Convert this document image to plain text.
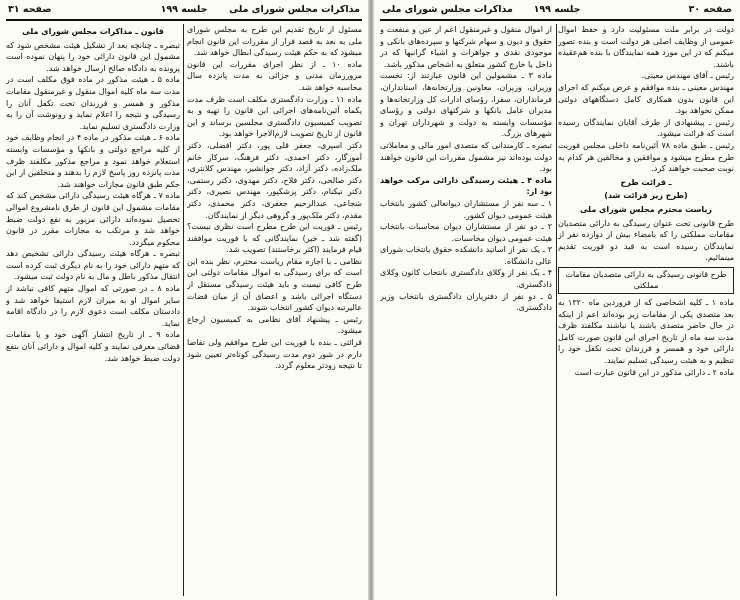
مذاکرات مجلس شورای ملی
جلسه ۱۹۹
صفحه ۳۱

مسئول از تاریخ تقدیم این طرح به مجلس شورای ملی به بعد به قصد فرار از مقررات این قانون انجام میشود که به حکم هیئت رسیدگی ابطال خواهد شد.

ماده ۱۰ ـ از نظر اجرای مقررات این قانون مرورزمان مدنی و جزائی به مدت پانزده سال محاسبه خواهد شد.

ماده ۱۱ ـ وزارت دادگستری مکلف است ظرف مدت یکماه آئین‌نامه‌های اجرائی این قانون را تهیه و به تصویب کمیسیون دادگستری مجلسین برساند و این قانون از تاریخ تصویب لازم‌الاجرا خواهد بود.

دکتر اسپری، جعفر قلی پور، دکتر افضلی، دکتر آموزگار، دکتر احمدی، دکتر فرهنگ، سرکار خانم ملک‌زاده، دکتر آزاد، دکتر جوانشیر، مهندس کلانتری، دکتر صالحی، دکتر فلاح، دکتر مهدوی، دکتر رستمی، دکتر نیکنام، دکتر پزشکپور، مهندس نصیری، دکتر شجاعی، عبدالرحیم جعفری، دکتر محمدی، دکتر مقدم، دکتر ملک‌پور و گروهی دیگر از نمایندگان.

رئیس ـ فوریت این طرح مطرح است نظری نیست؟ (گفته شد ـ خیر) نمایندگانی که با فوریت موافقند قیام فرمایند (اکثر برخاستند) تصویب شد.

نظامی ـ با اجازه مقام ریاست محترم، نظر بنده این است که برای رسیدگی به اموال مقامات دولتی این طرح کافی نیست و باید هیئت رسیدگی مستقل از دستگاه اجرائی باشد و اعضای آن از میان قضات عالیرتبه دیوان کشور انتخاب شوند.

رئیس ـ پیشنهاد آقای نظامی به کمیسیون ارجاع میشود.

قرائتی ـ بنده با فوریت این طرح موافقم ولی تقاضا دارم در شور دوم مدت رسیدگی کوتاه‌تر تعیین شود تا نتیجه زودتر معلوم گردد.

قانون ـ مذاکرات مجلس شورای ملی

تبصره ـ چنانچه بعد از تشکیل هیئت مشخص شود که مشمول این قانون دارائی خود را پنهان نموده است پرونده به دادگاه صالح ارسال خواهد شد.

ماده ۵ ـ هیئت مذکور در ماده فوق مکلف است در مدت سه ماه کلیه اموال منقول و غیرمنقول مقامات مذکور و همسر و فرزندان تحت تکفل آنان را رسیدگی و نتیجه را اعلام نماید و رونوشت آن را به وزارت دادگستری تسلیم نماید.

ماده ۶ ـ هیئت مذکور در ماده ۴ در انجام وظایف خود از کلیه مراجع دولتی و بانکها و مؤسسات وابسته استعلام خواهد نمود و مراجع مذکور مکلفند ظرف مدت پانزده روز پاسخ لازم را بدهند و متخلفین از این حکم طبق قانون مجازات خواهند شد.

ماده ۷ ـ هرگاه هیئت رسیدگی دارائی مشخص کند که مقامات مشمول این قانون از طرق نامشروع اموالی تحصیل نموده‌اند دارائی مزبور به نفع دولت ضبط خواهد شد و مرتکب به مجازات مقرر در قانون محکوم میگردد.

تبصره ـ هرگاه هیئت رسیدگی دارائی تشخیص دهد که متهم دارائی خود را به نام دیگری ثبت کرده است انتقال مذکور باطل و مال به نام دولت ثبت میشود.

ماده ۸ ـ در صورتی که اموال متهم کافی نباشد از سایر اموال او به میزان لازم استیفا خواهد شد و دادستان مکلف است دعوی لازم را در دادگاه اقامه نماید.

ماده ۹ ـ از تاریخ انتشار آگهی خود و یا مقامات قضائی معرفی نمایند و کلیه اموال و دارائی آنان بنفع دولت ضبط خواهد شد.

صفحه ۳۰
جلسه ۱۹۹
مذاکرات مجلس شورای ملی

دولت در برابر ملت مسئولیت دارد و حفظ اموال عمومی از وظایف اصلی هر دولت است و بنده تصور میکنم که در این مورد همه نمایندگان با بنده هم‌عقیده باشند.

رئیس ـ آقای مهندس معینی.

مهندس معینی ـ بنده موافقم و عرض میکنم که اجرای این قانون بدون همکاری کامل دستگاههای دولتی ممکن نخواهد بود.

رئیس ـ پیشنهادی از طرف آقایان نمایندگان رسیده است که قرائت میشود.

رئیس ـ طبق ماده ۷۸ آئین‌نامه داخلی مجلس فوریت طرح مطرح میشود و موافقین و مخالفین هر کدام به نوبت صحبت خواهند کرد.

ـ قرائت طرح

(طرح زیر قرائت شد)

ریاست محترم مجلس شورای ملی

طرح قانونی تحت عنوان رسیدگی به دارائی متصدیان مقامات مملکتی را که بامضاء بیش از دوازده نفر از نمایندگان رسیده است به قید دو فوریت تقدیم مینمائیم.

طرح قانونی رسیدگی به دارائی متصدیان مقامات مملکتی

ماده ۱ ـ کلیه اشخاصی که از فروردین ماه ۱۳۲۰ به بعد متصدی یکی از مقامات زیر بوده‌اند اعم از اینکه در حال حاضر متصدی باشند یا نباشند مکلفند ظرف مدت سه ماه از تاریخ اجرای این قانون صورت کامل دارائی خود و همسر و فرزندان تحت تکفل خود را تنظیم و به هیئت رسیدگی تسلیم نمایند.

ماده ۲ ـ دارائی مذکور در این قانون عبارت است

از اموال منقول و غیرمنقول اعم از عین و منفعت و حقوق و دیون و سهام شرکتها و سپرده‌های بانکی و موجودی نقدی و جواهرات و اشیاء گرانبها که در داخل یا خارج کشور متعلق به اشخاص مذکور باشد.

ماده ۳ ـ مشمولین این قانون عبارتند از: نخست وزیران، وزیران، معاونین وزارتخانه‌ها، استانداران، فرمانداران، سفرا، رؤسای ادارات کل وزارتخانه‌ها و مدیران عامل بانکها و شرکتهای دولتی و رؤسای مؤسسات وابسته به دولت و شهرداران تهران و شهرهای بزرگ.

تبصره ـ کارمندانی که متصدی امور مالی و معاملاتی دولت بوده‌اند نیز مشمول مقررات این قانون خواهند بود.

ماده ۴ ـ هیئت رسیدگی دارائی مرکب خواهد بود از:

۱ ـ سه نفر از مستشاران دیوانعالی کشور بانتخاب هیئت عمومی دیوان کشور.

۲ ـ دو نفر از مستشاران دیوان محاسبات بانتخاب هیئت عمومی دیوان محاسبات.

۳ ـ یک نفر از اساتید دانشکده حقوق بانتخاب شورای عالی دانشگاه.

۴ ـ یک نفر از وکلای دادگستری بانتخاب کانون وکلای دادگستری.

۵ ـ دو نفر از دفتریاران دادگستری بانتخاب وزیر دادگستری.
